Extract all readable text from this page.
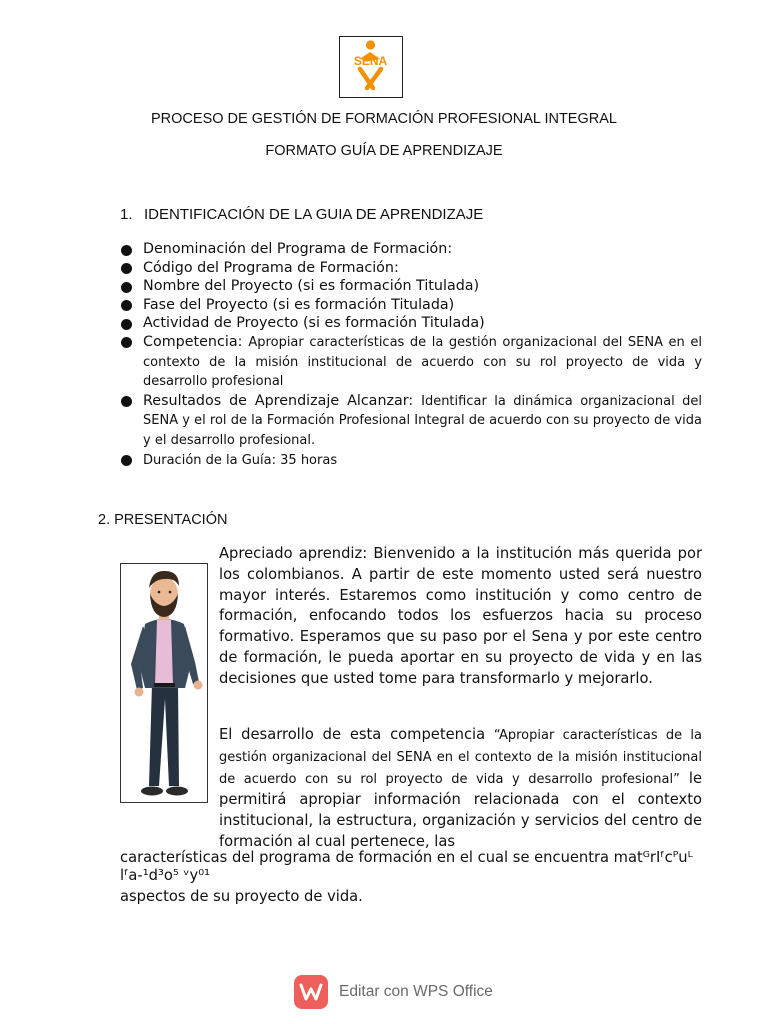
SENA
PROCESO DE GESTIÓN DE FORMACIÓN PROFESIONAL INTEGRAL
FORMATO GUÍA DE APRENDIZAJE
1. IDENTIFICACIÓN DE LA GUIA DE APRENDIZAJE
Denominación del Programa de Formación:
Código del Programa de Formación:
Nombre del Proyecto (si es formación Titulada)
Fase del Proyecto (si es formación Titulada)
Actividad de Proyecto (si es formación Titulada)
Competencia: Apropiar características de la gestión organizacional del SENA en el contexto de la misión institucional de acuerdo con su rol proyecto de vida y desarrollo profesional
Resultados de Aprendizaje Alcanzar: Identificar la dinámica organizacional del SENA y el rol de la Formación Profesional Integral de acuerdo con su proyecto de vida y el desarrollo profesional.
Duración de la Guía: 35 horas
2. PRESENTACIÓN

Apreciado aprendiz: Bienvenido a la institución más querida por los colombianos. A partir de este momento usted será nuestro mayor interés. Estaremos como institución y como centro de formación, enfocando todos los esfuerzos hacia su proceso formativo. Esperamos que su paso por el Sena y por este centro de formación, le pueda aportar en su proyecto de vida y en las decisiones que usted tome para transformarlo y mejorarlo.

El desarrollo de esta competencia “Apropiar características de la gestión organizacional del SENA en el contexto de la misión institucional de acuerdo con su rol proyecto de vida y desarrollo profesional” le permitirá apropiar información relacionada con el contexto institucional, la estructura, organización y servicios del centro de formación al cual pertenece, las

características del programa de formación en el cual se encuentra matᴳrIᶠcᴾuᴸ
lᶠa-¹d³o⁵ ᵛy⁰¹

aspectos de su proyecto de vida.

Editar con WPS Office
